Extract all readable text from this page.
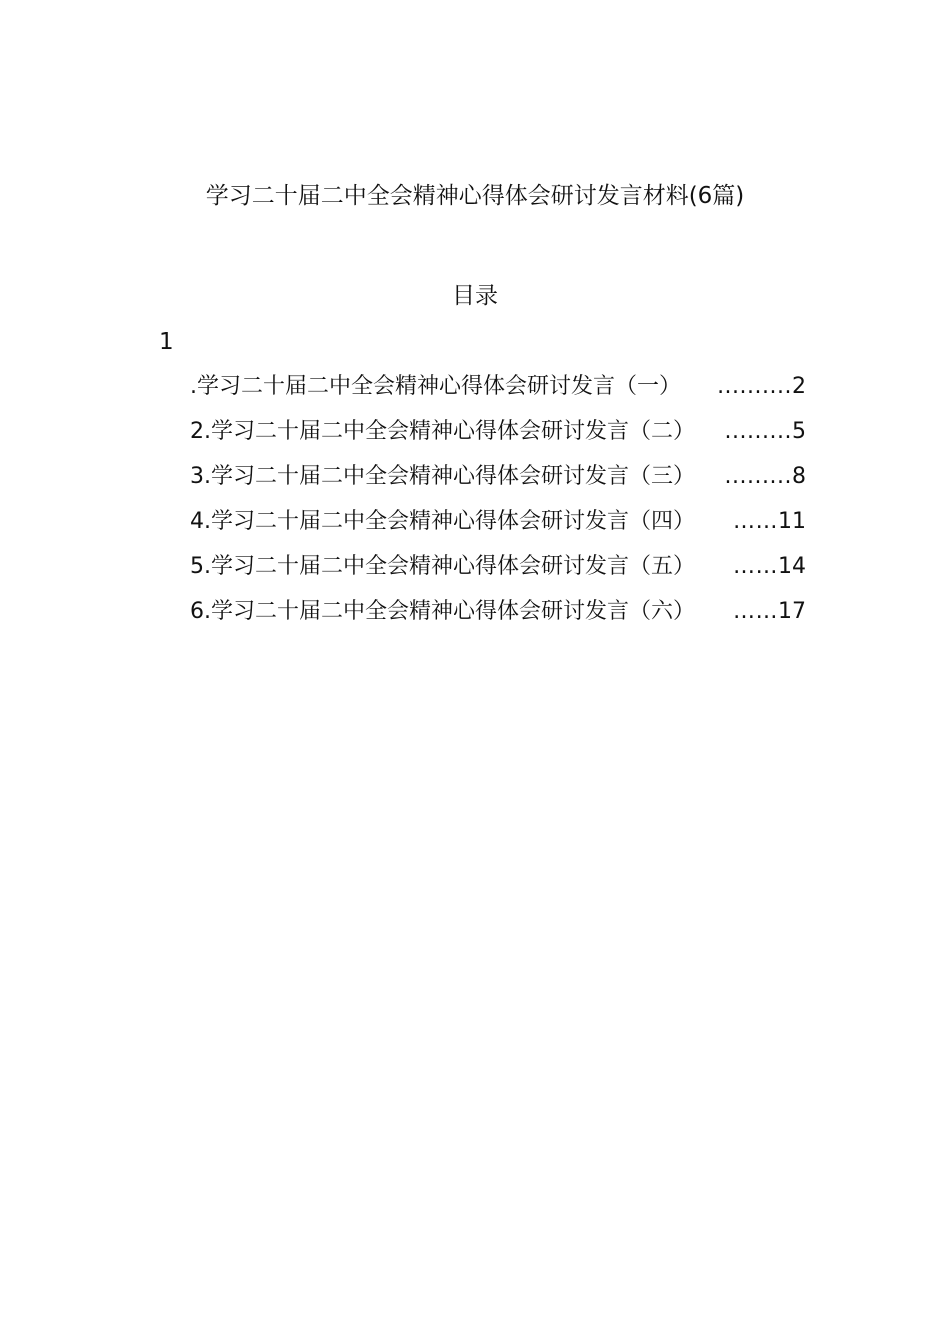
学习二十届二中全会精神心得体会研讨发言材料(6篇)
目录
1
.学习二十届二中全会精神心得体会研讨发言（一）	.......... 2
2.学习二十届二中全会精神心得体会研讨发言（二）	......... 5
3.学习二十届二中全会精神心得体会研讨发言（三）	......... 8
4.学习二十届二中全会精神心得体会研讨发言（四）	…… 11
5.学习二十届二中全会精神心得体会研讨发言（五）	…… 14
6.学习二十届二中全会精神心得体会研讨发言（六）	…… 17
